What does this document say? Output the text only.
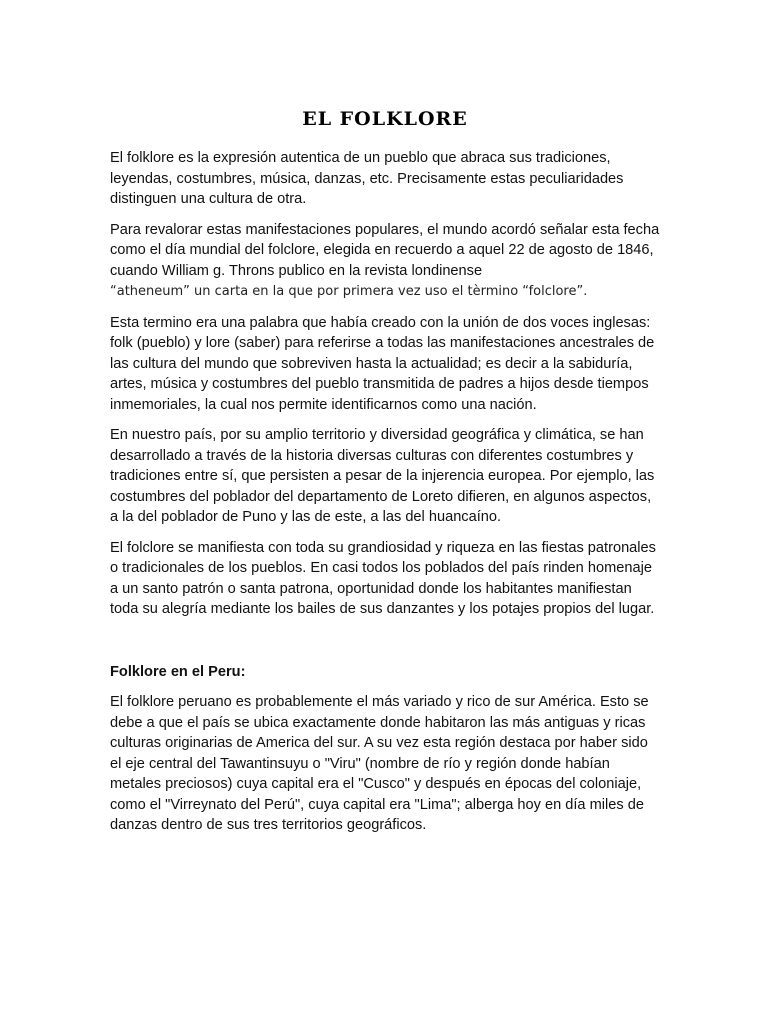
EL FOLKLORE

El folklore es la expresión autentica de un pueblo que abraca sus tradiciones, leyendas, costumbres, música, danzas, etc. Precisamente estas peculiaridades distinguen una cultura de otra.

Para revalorar estas manifestaciones populares, el mundo acordó señalar esta fecha como el día mundial del folclore, elegida en recuerdo a aquel 22 de agosto de 1846, cuando William g. Throns publico en la revista londinense
“atheneum” un carta en la que por primera vez uso el tèrmino “folclore”.

Esta termino era una palabra que había creado con la unión de dos voces inglesas: folk (pueblo) y lore (saber) para referirse a todas las manifestaciones ancestrales de las cultura del mundo que sobreviven hasta la actualidad; es decir a la sabiduría, artes, música y costumbres del pueblo transmitida de padres a hijos desde tiempos inmemoriales, la cual nos permite identificarnos como una nación.

En nuestro país, por su amplio territorio y diversidad geográfica y climática, se han desarrollado a través de la historia diversas culturas con diferentes costumbres y tradiciones entre sí, que persisten a pesar de la injerencia europea. Por ejemplo, las costumbres del poblador del departamento de Loreto difieren, en algunos aspectos, a la del poblador de Puno y las de este, a las del huancaíno.

El folclore se manifiesta con toda su grandiosidad y riqueza en las fiestas patronales o tradicionales de los pueblos. En casi todos los poblados del país rinden homenaje a un santo patrón o santa patrona, oportunidad donde los habitantes manifiestan toda su alegría mediante los bailes de sus danzantes y los potajes propios del lugar.

Folklore en el Peru:

El folklore peruano es probablemente el más variado y rico de sur América. Esto se debe a que el país se ubica exactamente donde habitaron las más antiguas y ricas culturas originarias de America del sur. A su vez esta región destaca por haber sido el eje central del Tawantinsuyu o "Viru" (nombre de río y región donde habían metales preciosos) cuya capital era el "Cusco" y después en épocas del coloniaje, como el "Virreynato del Perú", cuya capital era "Lima"; alberga hoy en día miles de danzas dentro de sus tres territorios geográficos.
